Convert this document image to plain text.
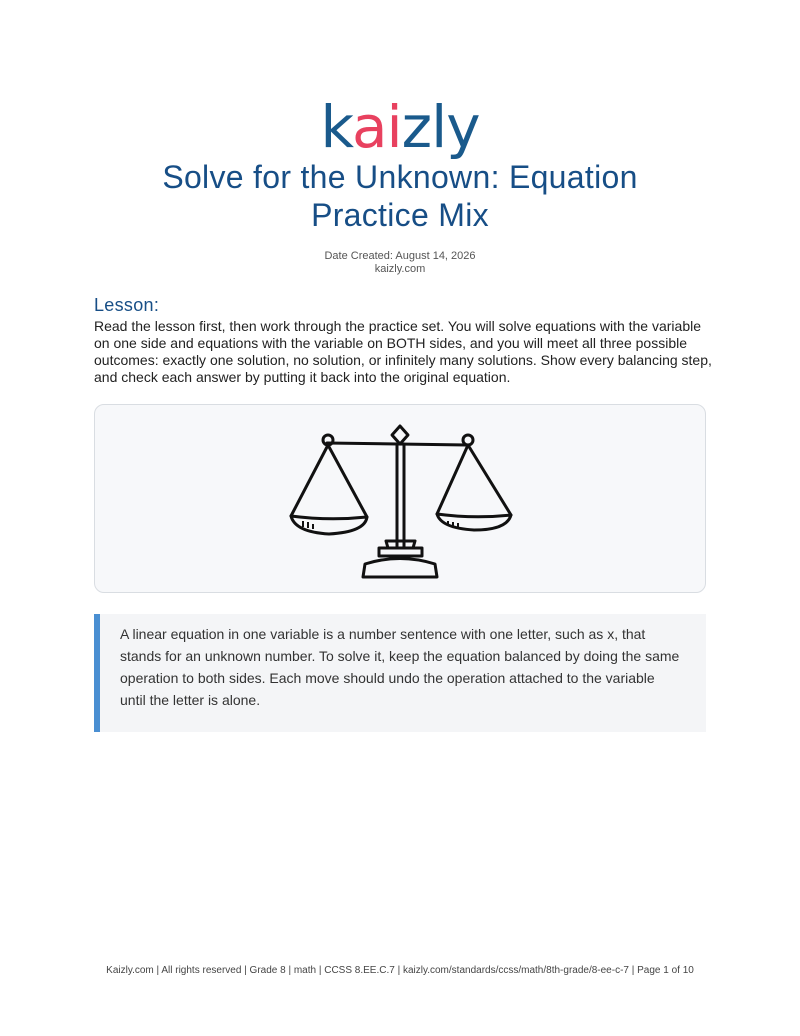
kaizly
Solve for the Unknown: Equation Practice Mix
Date Created: August 14, 2026
kaizly.com
Lesson:
Read the lesson first, then work through the practice set. You will solve equations with the variable on one side and equations with the variable on BOTH sides, and you will meet all three possible outcomes: exactly one solution, no solution, or infinitely many solutions. Show every balancing step, and check each answer by putting it back into the original equation.

A linear equation in one variable is a number sentence with one letter, such as x, that stands for an unknown number. To solve it, keep the equation balanced by doing the same operation to both sides. Each move should undo the operation attached to the variable until the letter is alone.

Kaizly.com | All rights reserved | Grade 8 | math | CCSS 8.EE.C.7 | kaizly.com/standards/ccss/math/8th-grade/8-ee-c-7 | Page 1 of 10
